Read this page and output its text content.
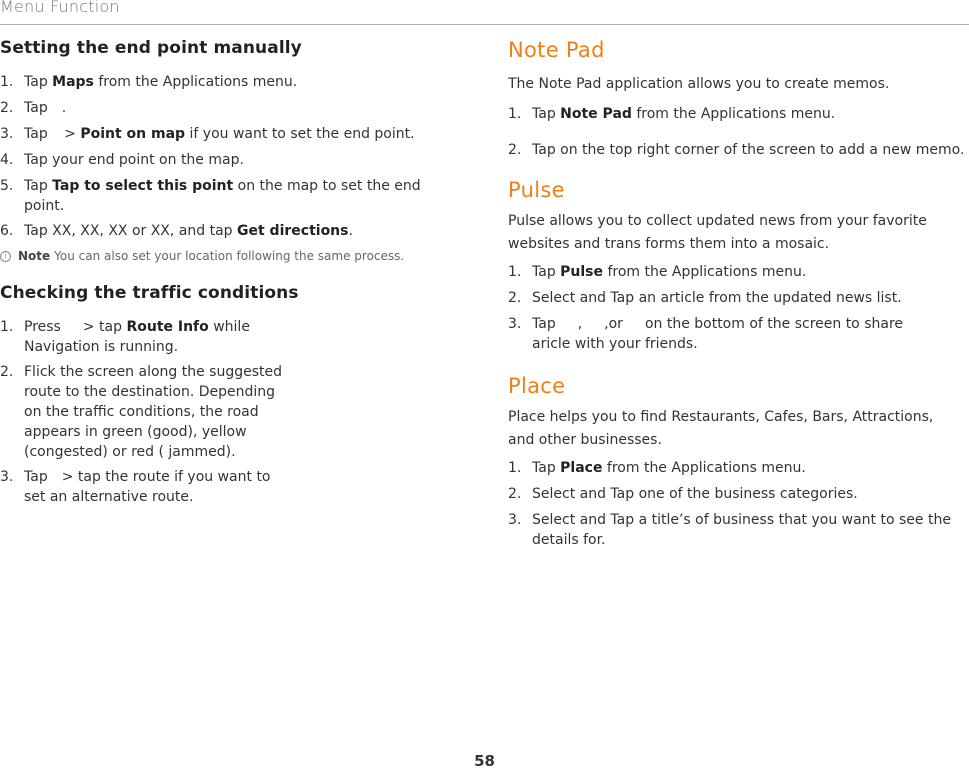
Menu Function
Setting the end point manually
1. Tap Maps from the Applications menu.
2. Tap .
3. Tap > Point on map if you want to set the end point.
4. Tap your end point on the map.
5. Tap Tap to select this point on the map to set the end point.
6. Tap XX, XX, XX or XX, and tap Get directions.
i Note You can also set your location following the same process.
Checking the traffic conditions
1. Press > tap Route Info while Navigation is running.
2. Flick the screen along the suggested route to the destination. Depending on the traffic conditions, the road appears in green (good), yellow (congested) or red ( jammed).
3. Tap > tap the route if you want to set an alternative route.
Note Pad
The Note Pad application allows you to create memos.
1. Tap Note Pad from the Applications menu.
2. Tap on the top right corner of the screen to add a new memo.
Pulse
Pulse allows you to collect updated news from your favorite websites and trans forms them into a mosaic.
1. Tap Pulse from the Applications menu.
2. Select and Tap an article from the updated news list.
3. Tap , ,or on the bottom of the screen to share aricle with your friends.
Place
Place helps you to find Restaurants, Cafes, Bars, Attractions, and other businesses.
1. Tap Place from the Applications menu.
2. Select and Tap one of the business categories.
3. Select and Tap a title’s of business that you want to see the details for.
58
